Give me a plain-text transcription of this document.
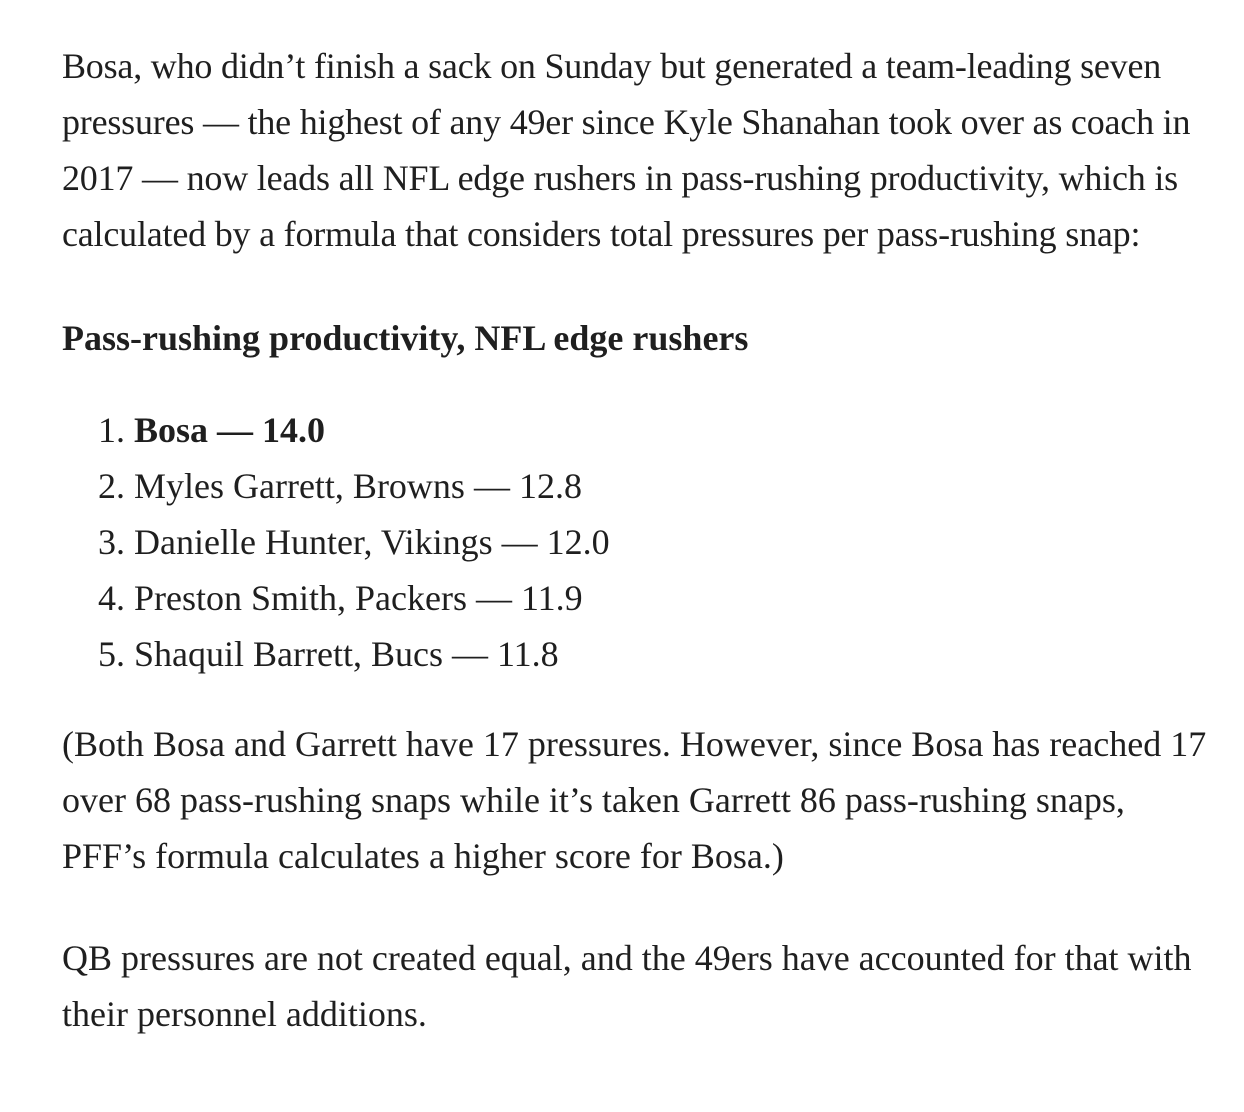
Bosa, who didn’t finish a sack on Sunday but generated a team-leading seven pressures — the highest of any 49er since Kyle Shanahan took over as coach in 2017 — now leads all NFL edge rushers in pass-rushing productivity, which is calculated by a formula that considers total pressures per pass-rushing snap:

Pass-rushing productivity, NFL edge rushers
1. Bosa — 14.0
2. Myles Garrett, Browns — 12.8
3. Danielle Hunter, Vikings — 12.0
4. Preston Smith, Packers — 11.9
5. Shaquil Barrett, Bucs — 11.8

(Both Bosa and Garrett have 17 pressures. However, since Bosa has reached 17 over 68 pass-rushing snaps while it’s taken Garrett 86 pass-rushing snaps, PFF’s formula calculates a higher score for Bosa.)

QB pressures are not created equal, and the 49ers have accounted for that with their personnel additions.
